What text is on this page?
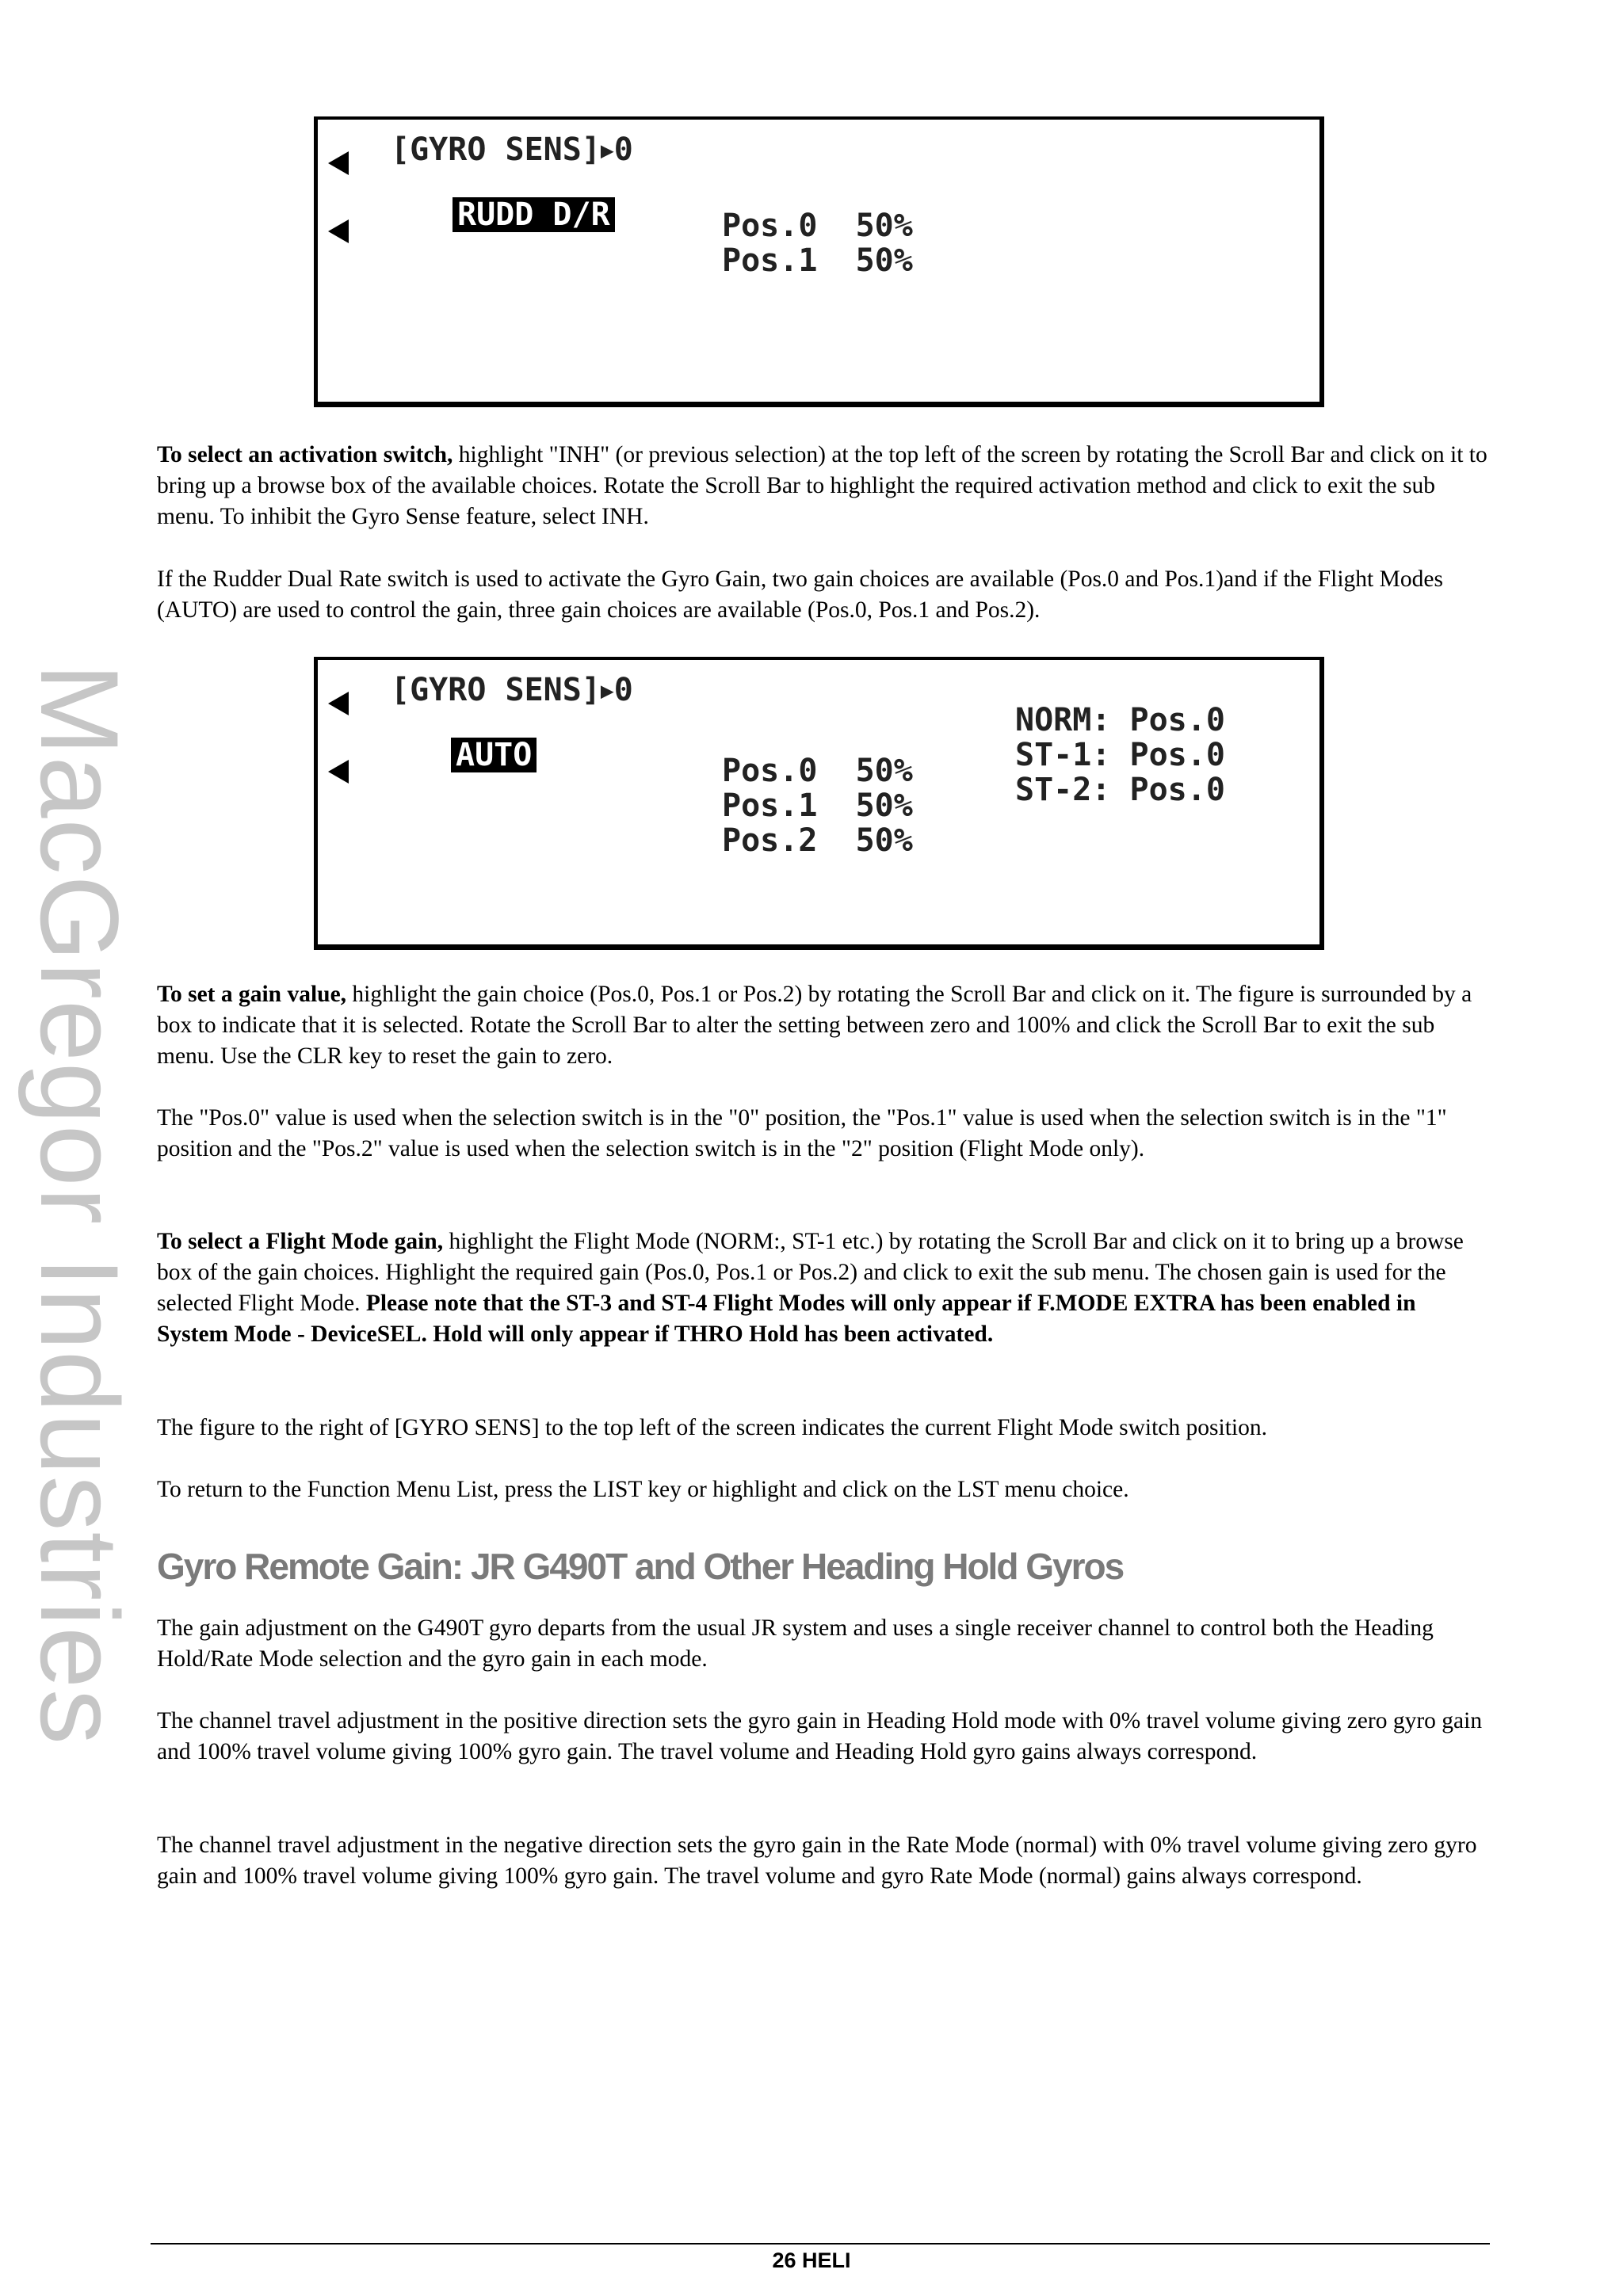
MacGregor Industries
[GYRO SENS]▶0
RUDD D/R	Pos.0  50%
Pos.1  50%

To select an activation switch, highlight "INH" (or previous selection) at the top left of the screen by rotating the Scroll Bar and click on it to bring up a browse box of the available choices. Rotate the Scroll Bar to highlight the required activation method and click to exit the sub menu. To inhibit the Gyro Sense feature, select INH.

If the Rudder Dual Rate switch is used to activate the Gyro Gain, two gain choices are available (Pos.0 and Pos.1)and if the Flight Modes (AUTO) are used to control the gain, three gain choices are available (Pos.0, Pos.1 and Pos.2).

[GYRO SENS]▶0
AUTO	Pos.0  50%
Pos.1  50%
Pos.2  50%
NORM: Pos.0
ST-1: Pos.0
ST-2: Pos.0

To set a gain value, highlight the gain choice (Pos.0, Pos.1 or Pos.2) by rotating the Scroll Bar and click on it. The figure is surrounded by a box to indicate that it is selected. Rotate the Scroll Bar to alter the setting between zero and 100% and click the Scroll Bar to exit the sub menu. Use the CLR key to reset the gain to zero.

The "Pos.0" value is used when the selection switch is in the "0" position, the "Pos.1" value is used when the selection switch is in the "1" position and the "Pos.2" value is used when the selection switch is in the "2" position (Flight Mode only).

To select a Flight Mode gain, highlight the Flight Mode (NORM:, ST-1 etc.) by rotating the Scroll Bar and click on it to bring up a browse box of the gain choices. Highlight the required gain (Pos.0, Pos.1 or Pos.2) and click to exit the sub menu. The chosen gain is used for the selected Flight Mode. Please note that the ST-3 and ST-4 Flight Modes will only appear if F.MODE EXTRA has been enabled in System Mode - DeviceSEL. Hold will only appear if THRO Hold has been activated.

The figure to the right of [GYRO SENS] to the top left of the screen indicates the current Flight Mode switch position.

To return to the Function Menu List, press the LIST key or highlight and click on the LST menu choice.

Gyro Remote Gain: JR G490T and Other Heading Hold Gyros

The gain adjustment on the G490T gyro departs from the usual JR system and uses a single receiver channel to control both the Heading Hold/Rate Mode selection and the gyro gain in each mode.

The channel travel adjustment in the positive direction sets the gyro gain in Heading Hold mode with 0% travel volume giving zero gyro gain and 100% travel volume giving 100% gyro gain. The travel volume and Heading Hold gyro gains always correspond.

The channel travel adjustment in the negative direction sets the gyro gain in the Rate Mode (normal) with 0% travel volume giving zero gyro gain and 100% travel volume giving 100% gyro gain. The travel volume and gyro Rate Mode (normal) gains always correspond.

26 HELI
